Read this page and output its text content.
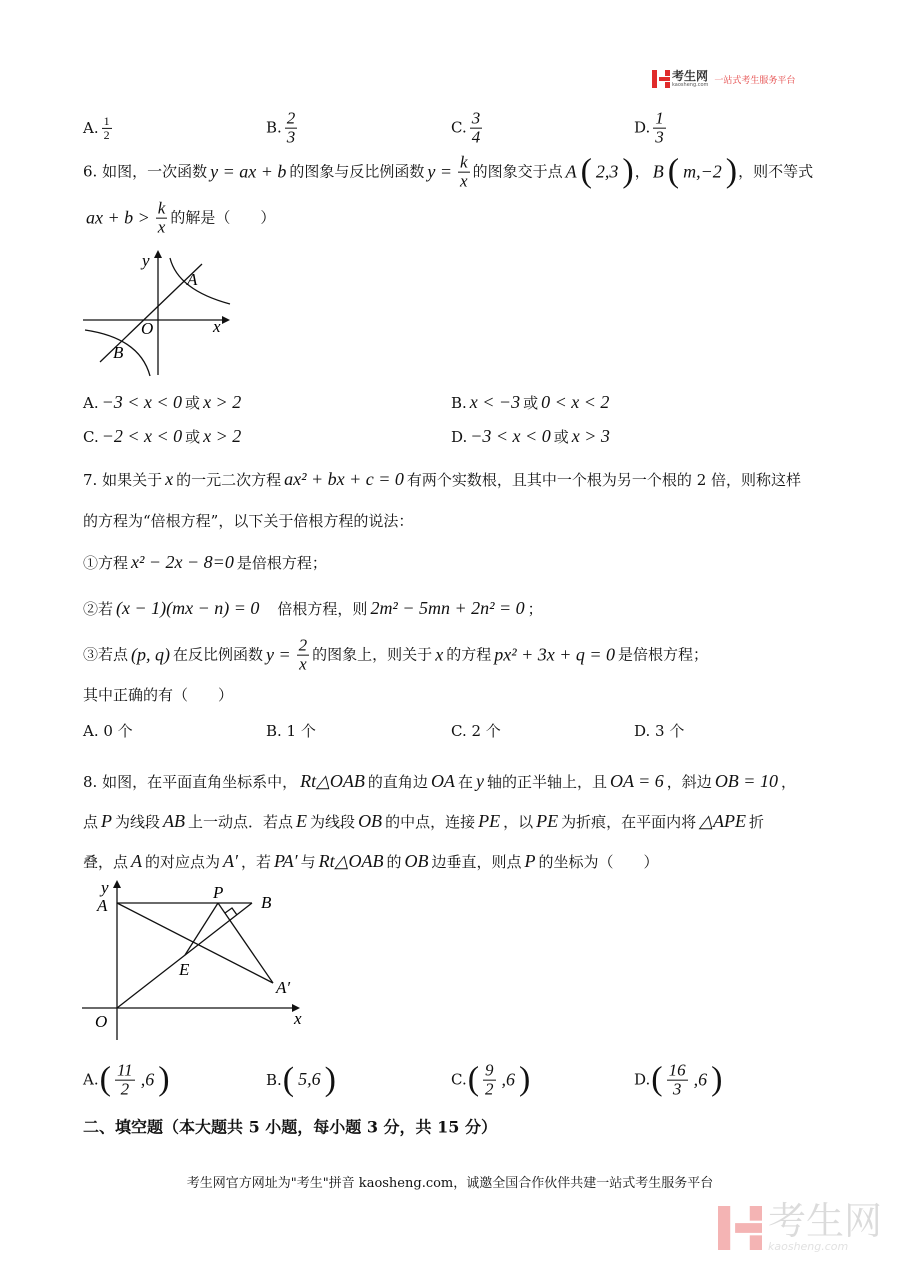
考生网
kaosheng.com 一站式考生服务平台
A. $\frac{1}{2}$	B. $\frac{2}{3}$	C. $\frac{3}{4}$	D. $\frac{1}{3}$
6. 如图，一次函数 y = ax + b 的图象与反比例函数 $y = \frac{k}{x}$ 的图象交于点 A ( 2,3 ) ， B ( m,−2 ) ，则不等式
ax + $b > \frac{k}{x}$ 的解是（　　）
y
x
O
A
B
A. −3 < x < 0 或 x > 2	B. x < −3 或 0 < x < 2
C. −2 < x < 0 或 x > 2	D. −3 < x < 0 或 x > 3
7. 如果关于 x 的一元二次方程 ax² + bx + c = 0 有两个实数根，且其中一个根为另一个根的 2 倍，则称这样
的方程为“倍根方程”，以下关于倍根方程的说法：
①方程 x² − 2x − 8=0 是倍根方程；
②若 (x − 1)(mx − n) = 0 　倍根方程，则 2m² − 5mn + 2n² = 0 ；
③若点 (p, q) 在反比例函数 $y = \frac{2}{x}$ 的图象上，则关于 x 的方程 px² + 3x + q = 0 是倍根方程；
其中正确的有（　　）
A. 0 个	B. 1 个	C. 2 个	D. 3 个
8. 如图，在平面直角坐标系中， Rt△OAB 的直角边 OA 在 y 轴的正半轴上，且 OA = 6 ，斜边 OB = 10 ，
点 P 为线段 AB 上一动点．若点 E 为线段 OB 的中点，连接 PE ，以 PE 为折痕，在平面内将 △APE 折
叠，点 A 的对应点为 A′ ，若 PA′ 与 Rt△OAB 的 OB 边垂直，则点 P 的坐标为（　　）
y
A
P
B
E
A′
O	x
A. ( $\frac{11}{2} ,6$ )	B. ( 5,6 )	C. ( $\frac{9}{2} ,6$ )	D. ( $\frac{16}{3} ,6$ )
二、填空题（本大题共 5 小题，每小题 3 分，共 15 分）
考生网官方网址为"考生"拼音 kaosheng.com，诚邀全国合作伙伴共建一站式考生服务平台
考生网
kaosheng.com
